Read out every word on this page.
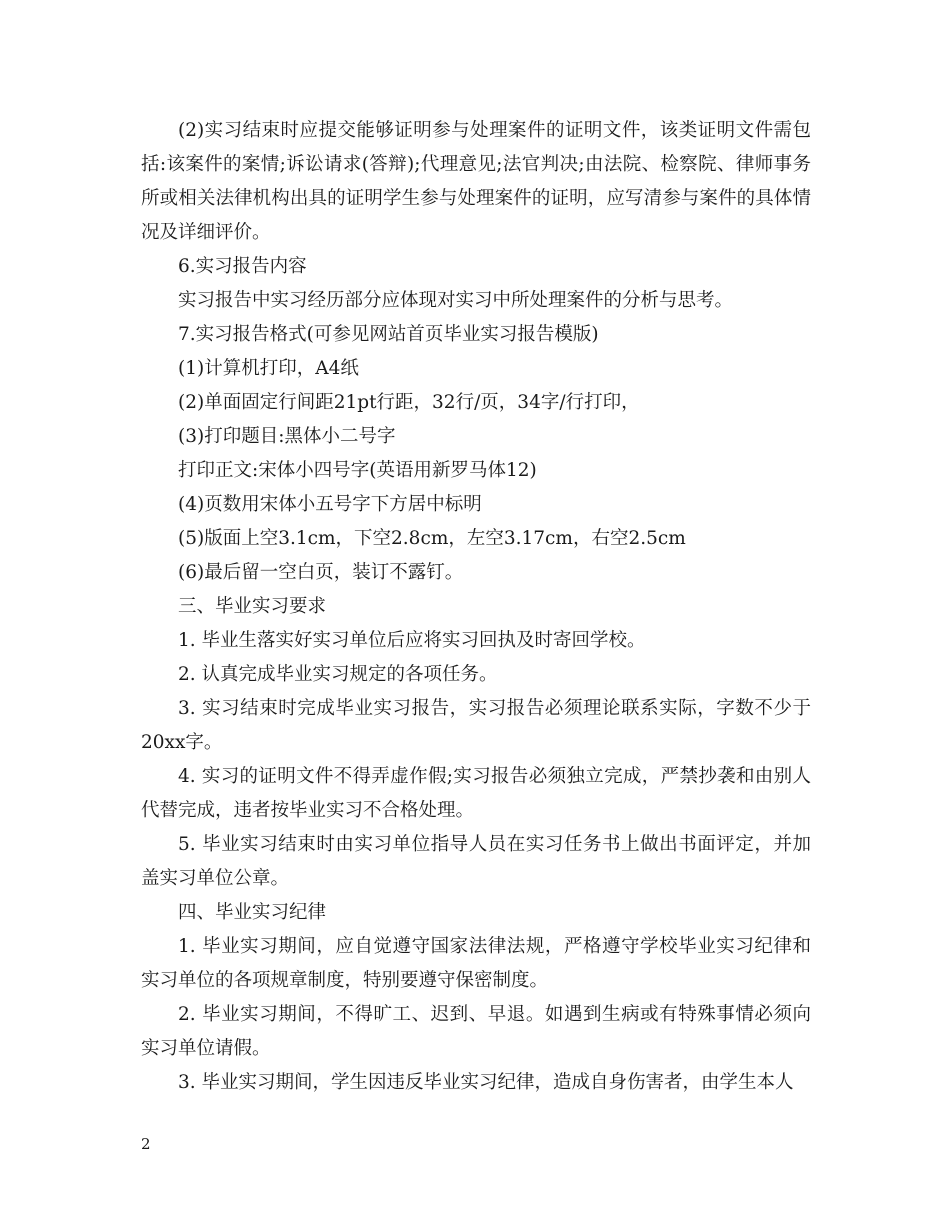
(2)实习结束时应提交能够证明参与处理案件的证明文件，该类证明文件需包括:该案件的案情;诉讼请求(答辩);代理意见;法官判决;由法院、检察院、律师事务所或相关法律机构出具的证明学生参与处理案件的证明，应写清参与案件的具体情况及详细评价。

6.实习报告内容

实习报告中实习经历部分应体现对实习中所处理案件的分析与思考。

7.实习报告格式(可参见网站首页毕业实习报告模版)

(1)计算机打印，A4纸

(2)单面固定行间距21pt行距，32行/页，34字/行打印，

(3)打印题目:黑体小二号字

打印正文:宋体小四号字(英语用新罗马体12)

(4)页数用宋体小五号字下方居中标明

(5)版面上空3.1cm，下空2.8cm，左空3.17cm，右空2.5cm

(6)最后留一空白页，装订不露钉。

三、毕业实习要求

1. 毕业生落实好实习单位后应将实习回执及时寄回学校。

2. 认真完成毕业实习规定的各项任务。

3. 实习结束时完成毕业实习报告，实习报告必须理论联系实际，字数不少于20xx字。

4. 实习的证明文件不得弄虚作假;实习报告必须独立完成，严禁抄袭和由别人代替完成，违者按毕业实习不合格处理。

5. 毕业实习结束时由实习单位指导人员在实习任务书上做出书面评定，并加盖实习单位公章。

四、毕业实习纪律

1. 毕业实习期间，应自觉遵守国家法律法规，严格遵守学校毕业实习纪律和实习单位的各项规章制度，特别要遵守保密制度。

2. 毕业实习期间，不得旷工、迟到、早退。如遇到生病或有特殊事情必须向实习单位请假。

3. 毕业实习期间，学生因违反毕业实习纪律，造成自身伤害者，由学生本人

2
